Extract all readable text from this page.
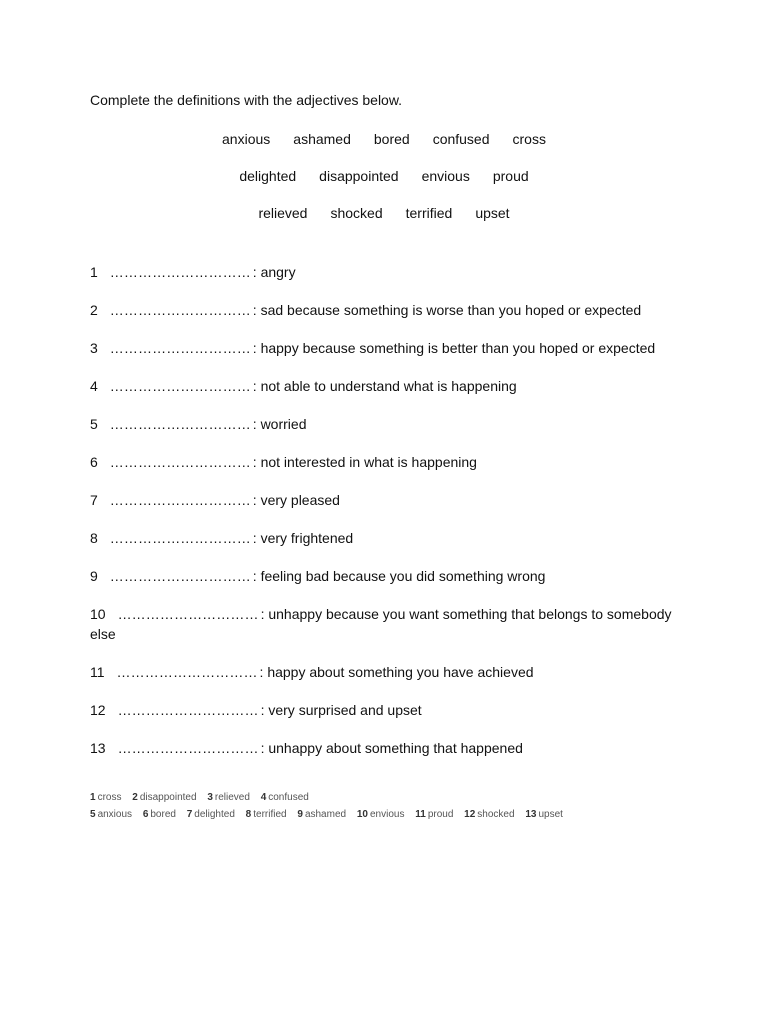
Complete the definitions with the adjectives below.

anxious ashamed bored confused cross
delighted disappointed envious proud
relieved shocked terrified upset
1 ………………………… : angry
2 ………………………… : sad because something is worse than you hoped or expected
3 ………………………… : happy because something is better than you hoped or expected
4 ………………………… : not able to understand what is happening
5 ………………………… : worried
6 ………………………… : not interested in what is happening
7 ………………………… : very pleased
8 ………………………… : very frightened
9 ………………………… : feeling bad because you did something wrong
10 ………………………… : unhappy because you want something that belongs to somebody else
11 ………………………… : happy about something you have achieved
12 ………………………… : very surprised and upset
13 ………………………… : unhappy about something that happened
1 cross 2 disappointed 3 relieved 4 confused
5 anxious 6 bored 7 delighted 8 terrified 9 ashamed 10 envious 11 proud 12 shocked 13 upset
